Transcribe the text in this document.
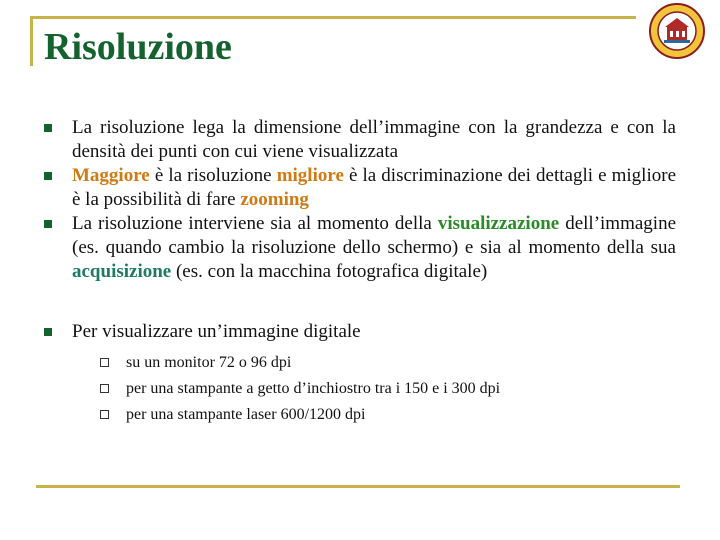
Risoluzione
La risoluzione lega la dimensione dell’immagine con la grandezza e con la densità dei punti con cui viene visualizzata
Maggiore è la risoluzione migliore è la discriminazione dei dettagli e migliore è la possibilità di fare zooming
La risoluzione interviene sia al momento della visualizzazione dell’immagine (es. quando cambio la risoluzione dello schermo) e sia al momento della sua acquisizione (es. con la macchina fotografica digitale)
Per visualizzare un’immagine digitale
su un monitor 72 o 96 dpi
per una stampante a getto d’inchiostro tra i 150 e i 300 dpi
per una stampante laser 600/1200 dpi
